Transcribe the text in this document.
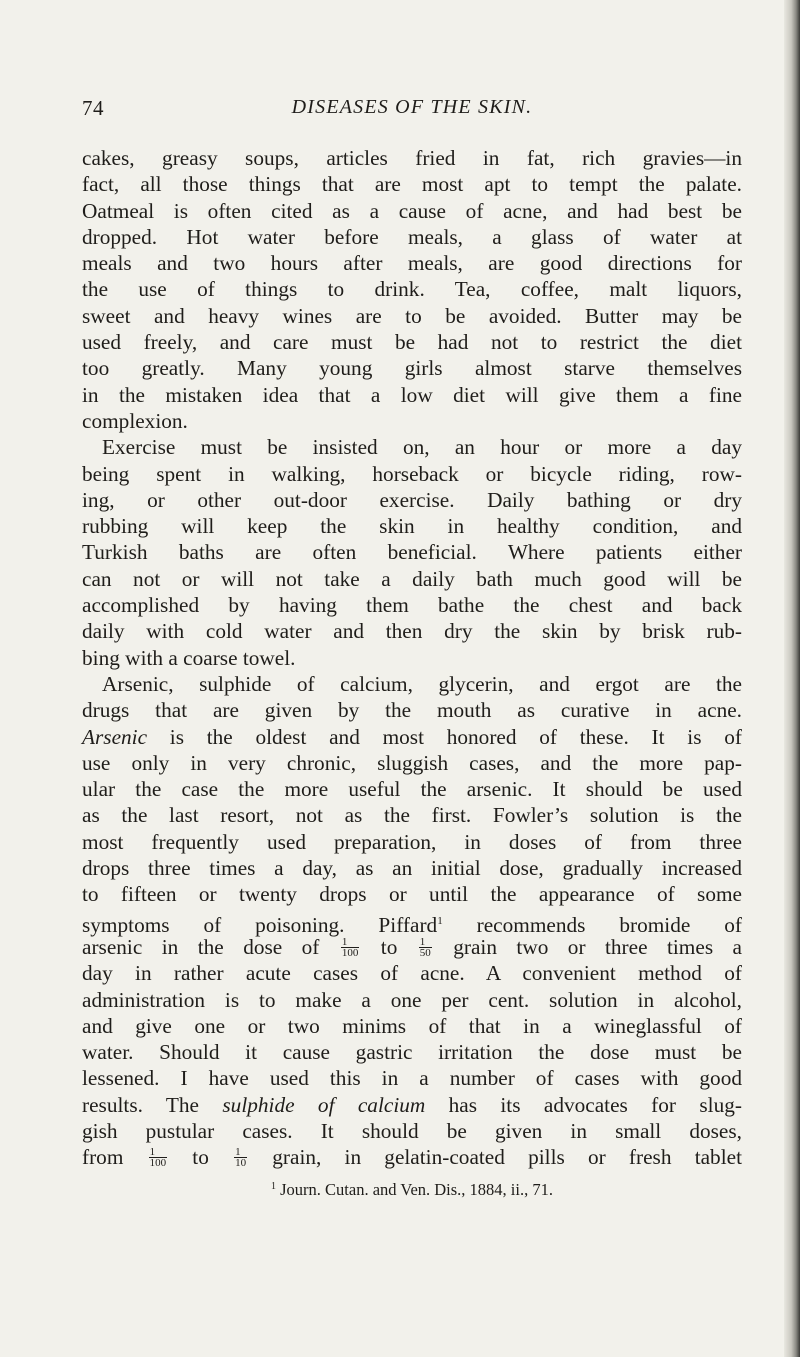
74	DISEASES OF THE SKIN.
cakes, greasy soups, articles fried in fat, rich gravies—in
fact, all those things that are most apt to tempt the palate.
Oatmeal is often cited as a cause of acne, and had best be
dropped. Hot water before meals, a glass of water at
meals and two hours after meals, are good directions for
the use of things to drink. Tea, coffee, malt liquors,
sweet and heavy wines are to be avoided. Butter may be
used freely, and care must be had not to restrict the diet
too greatly. Many young girls almost starve themselves
in the mistaken idea that a low diet will give them a fine
complexion.
Exercise must be insisted on, an hour or more a day
being spent in walking, horseback or bicycle riding, row-
ing, or other out-door exercise. Daily bathing or dry
rubbing will keep the skin in healthy condition, and
Turkish baths are often beneficial. Where patients either
can not or will not take a daily bath much good will be
accomplished by having them bathe the chest and back
daily with cold water and then dry the skin by brisk rub-
bing with a coarse towel.
Arsenic, sulphide of calcium, glycerin, and ergot are the
drugs that are given by the mouth as curative in acne.
Arsenic is the oldest and most honored of these. It is of
use only in very chronic, sluggish cases, and the more pap-
ular the case the more useful the arsenic. It should be used
as the last resort, not as the first. Fowler’s solution is the
most frequently used preparation, in doses of from three
drops three times a day, as an initial dose, gradually increased
to fifteen or twenty drops or until the appearance of some
symptoms of poisoning. Piffard$^1$ recommends bromide of
arsenic in the dose of $\frac{1}{100}$ to $\frac{1}{50}$ grain two or three times a
day in rather acute cases of acne. A convenient method of
administration is to make a one per cent. solution in alcohol,
and give one or two minims of that in a wineglassful of
water. Should it cause gastric irritation the dose must be
lessened. I have used this in a number of cases with good
results. The sulphide of calcium has its advocates for slug-
gish pustular cases. It should be given in small doses,
from $\frac{1}{100}$ to $\frac{1}{10}$ grain, in gelatin-coated pills or fresh tablet
$^1$ Journ. Cutan. and Ven. Dis., 1884, ii., 71.
